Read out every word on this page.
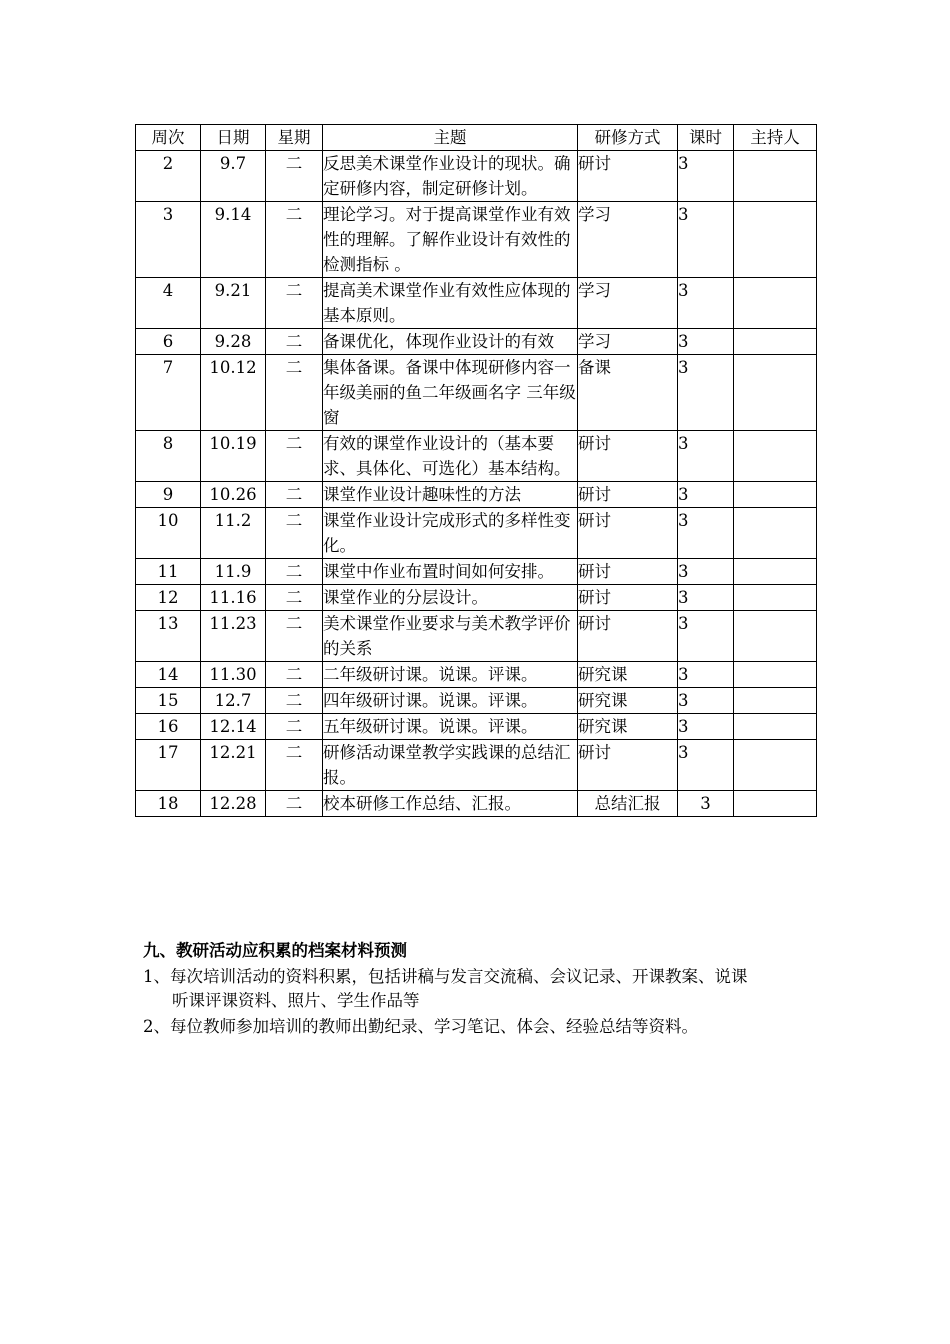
周次	日期	星期	主题	研修方式	课时	主持人
2	9.7	二	反思美术课堂作业设计的现状。确定研修内容，制定研修计划。	研讨	3	
3	9.14	二	理论学习。对于提高课堂作业有效性的理解。了解作业设计有效性的检测指标 。	学习	3	
4	9.21	二	提高美术课堂作业有效性应体现的基本原则。	学习	3	
6	9.28	二	备课优化，体现作业设计的有效	学习	3	
7	10.12	二	集体备课。备课中体现研修内容一年级美丽的鱼二年级画名字 三年级窗	备课	3	
8	10.19	二	有效的课堂作业设计的（基本要求、具体化、可选化）基本结构。	研讨	3	
9	10.26	二	课堂作业设计趣味性的方法	研讨	3	
10	11.2	二	课堂作业设计完成形式的多样性变化。	研讨	3	
11	11.9	二	课堂中作业布置时间如何安排。	研讨	3	
12	11.16	二	课堂作业的分层设计。	研讨	3	
13	11.23	二	美术课堂作业要求与美术教学评价的关系	研讨	3	
14	11.30	二	二年级研讨课。说课。评课。	研究课	3	
15	12.7	二	四年级研讨课。说课。评课。	研究课	3	
16	12.14	二	五年级研讨课。说课。评课。	研究课	3	
17	12.21	二	研修活动课堂教学实践课的总结汇报。	研讨	3	
18	12.28	二	校本研修工作总结、汇报。	总结汇报	3	
九、教研活动应积累的档案材料预测
1、每次培训活动的资料积累，包括讲稿与发言交流稿、会议记录、开课教案、说课
听课评课资料、照片、学生作品等
2、每位教师参加培训的教师出勤纪录、学习笔记、体会、经验总结等资料。
